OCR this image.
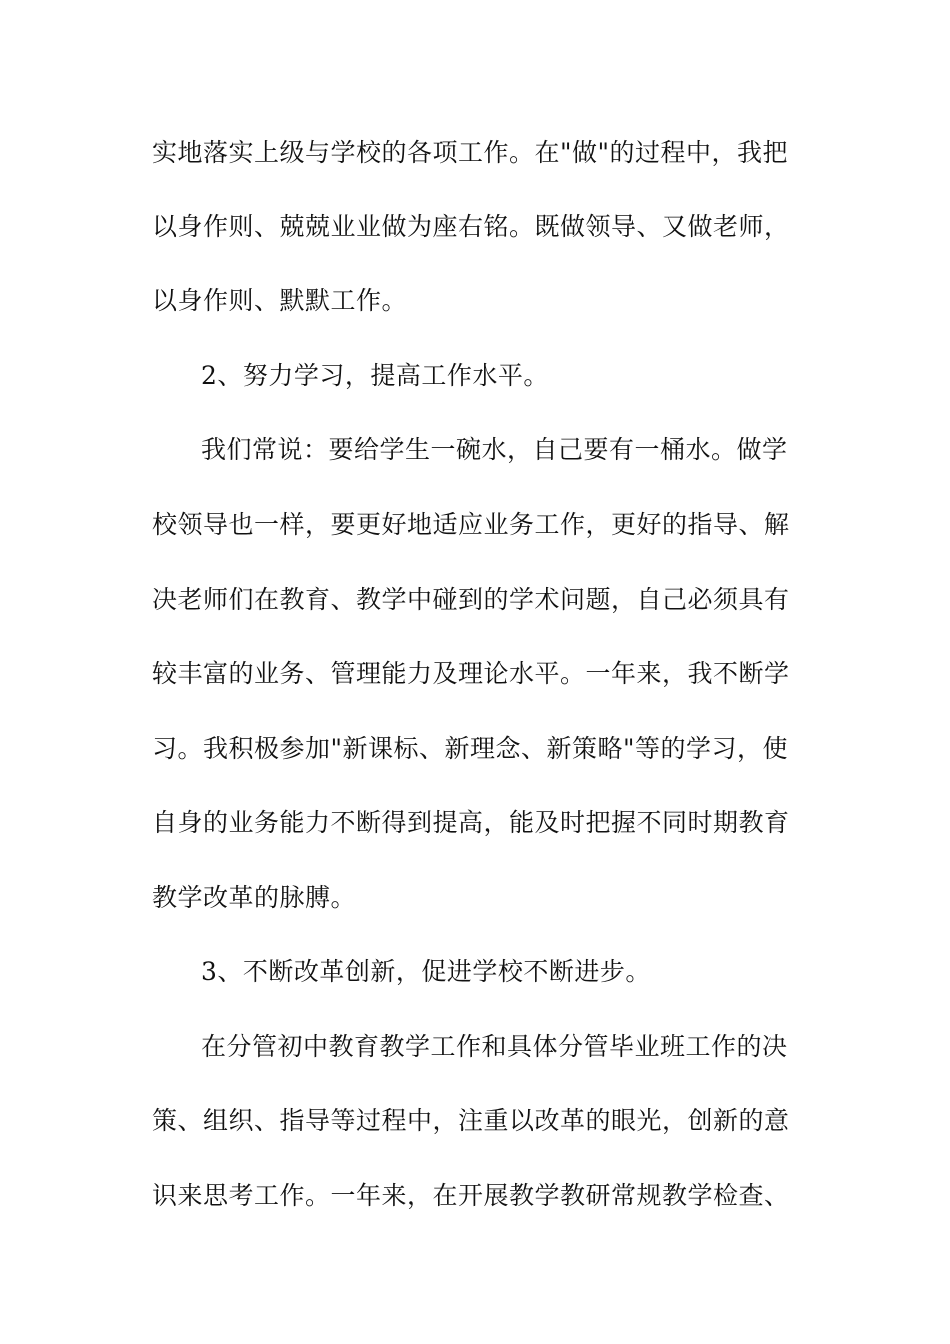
实地落实上级与学校的各项工作。在"做"的过程中，我把
以身作则、兢兢业业做为座右铭。既做领导、又做老师，
以身作则、默默工作。
2、努力学习，提高工作水平。
我们常说：要给学生一碗水，自己要有一桶水。做学
校领导也一样，要更好地适应业务工作，更好的指导、解
决老师们在教育、教学中碰到的学术问题，自己必须具有
较丰富的业务、管理能力及理论水平。一年来，我不断学
习。我积极参加"新课标、新理念、新策略"等的学习，使
自身的业务能力不断得到提高，能及时把握不同时期教育
教学改革的脉膊。
3、不断改革创新，促进学校不断进步。
在分管初中教育教学工作和具体分管毕业班工作的决
策、组织、指导等过程中，注重以改革的眼光，创新的意
识来思考工作。一年来，在开展教学教研常规教学检查、
